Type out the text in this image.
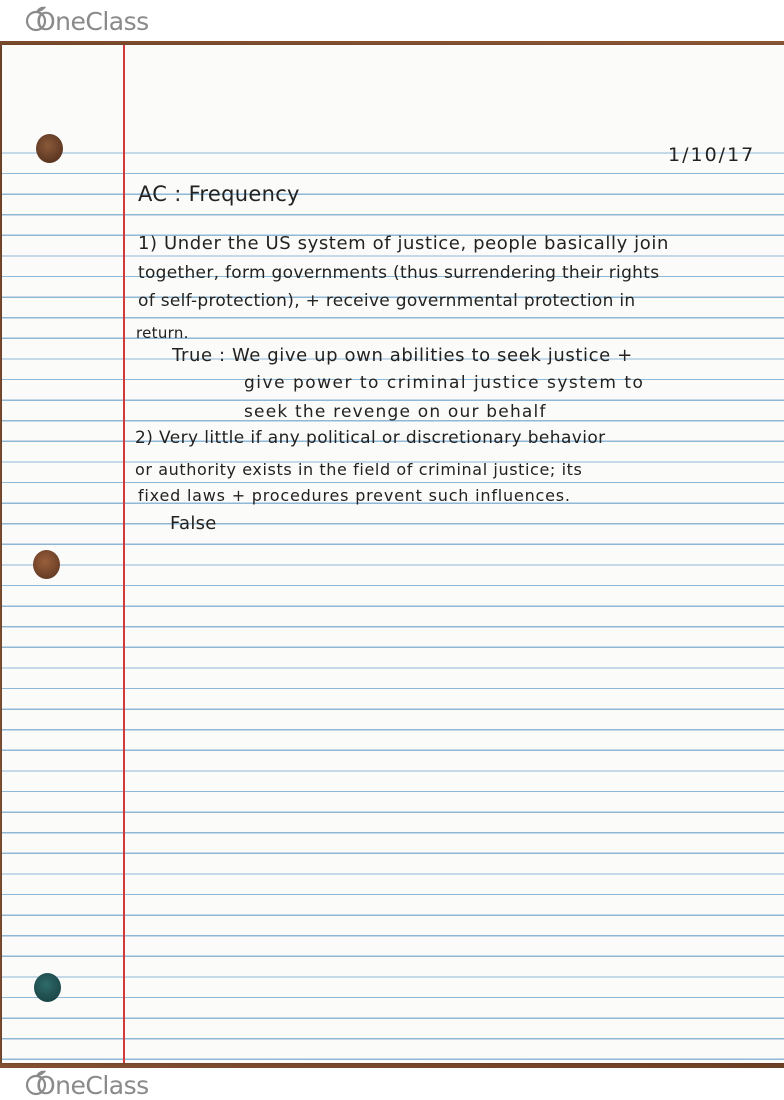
OneClass
1/10/17
AC : Frequency
1) Under the US system of justice, people basically join
together, form governments (thus surrendering their rights
of self-protection), + receive governmental protection in
return.
True : We give up own abilities to seek justice +
give power to criminal justice system to
seek the revenge on our behalf
2) Very little if any political or discretionary behavior
or authority exists in the field of criminal justice; its
fixed laws + procedures prevent such influences.
False
OneClass
